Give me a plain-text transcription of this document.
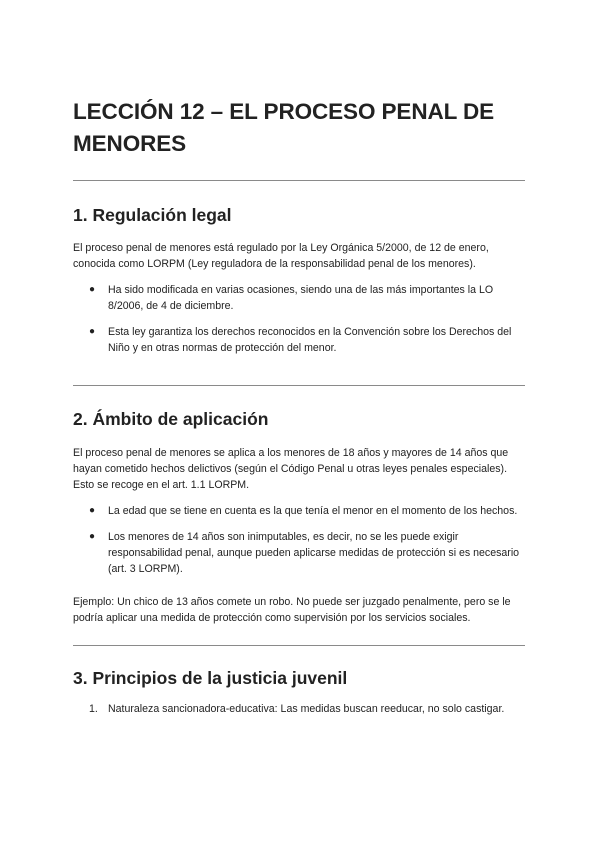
LECCIÓN 12 – EL PROCESO PENAL DE MENORES
1. Regulación legal

El proceso penal de menores está regulado por la Ley Orgánica 5/2000, de 12 de enero, conocida como LORPM (Ley reguladora de la responsabilidad penal de los menores).

● Ha sido modificada en varias ocasiones, siendo una de las más importantes la LO 8/2006, de 4 de diciembre.
● Esta ley garantiza los derechos reconocidos en la Convención sobre los Derechos del Niño y en otras normas de protección del menor.
2. Ámbito de aplicación

El proceso penal de menores se aplica a los menores de 18 años y mayores de 14 años que hayan cometido hechos delictivos (según el Código Penal u otras leyes penales especiales). Esto se recoge en el art. 1.1 LORPM.

● La edad que se tiene en cuenta es la que tenía el menor en el momento de los hechos.
● Los menores de 14 años son inimputables, es decir, no se les puede exigir responsabilidad penal, aunque pueden aplicarse medidas de protección si es necesario (art. 3 LORPM).

Ejemplo: Un chico de 13 años comete un robo. No puede ser juzgado penalmente, pero se le podría aplicar una medida de protección como supervisión por los servicios sociales.

3. Principios de la justicia juvenil
1. Naturaleza sancionadora-educativa: Las medidas buscan reeducar, no solo castigar.
